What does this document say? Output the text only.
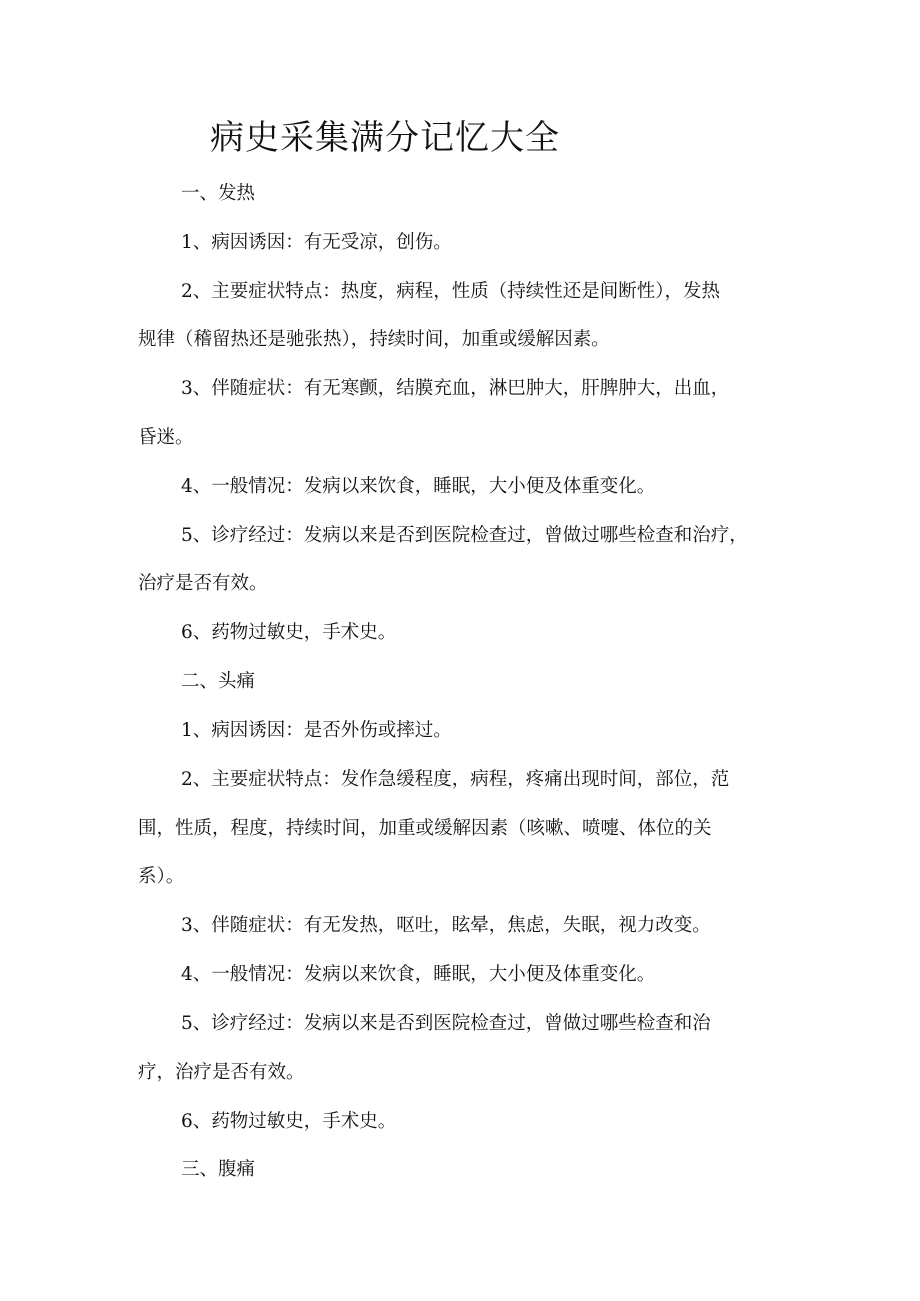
病史采集满分记忆大全

一、发热

1、病因诱因：有无受凉，创伤。

2、主要症状特点：热度，病程，性质（持续性还是间断性），发热

规律（稽留热还是驰张热），持续时间，加重或缓解因素。

3、伴随症状：有无寒颤，结膜充血，淋巴肿大，肝脾肿大，出血，

昏迷。

4、一般情况：发病以来饮食，睡眠，大小便及体重变化。

5、诊疗经过：发病以来是否到医院检查过，曾做过哪些检查和治疗，

治疗是否有效。

6、药物过敏史，手术史。

二、头痛

1、病因诱因：是否外伤或摔过。

2、主要症状特点：发作急缓程度，病程，疼痛出现时间，部位，范

围，性质，程度，持续时间，加重或缓解因素（咳嗽、喷嚏、体位的关

系）。

3、伴随症状：有无发热，呕吐，眩晕，焦虑，失眠，视力改变。

4、一般情况：发病以来饮食，睡眠，大小便及体重变化。

5、诊疗经过：发病以来是否到医院检查过，曾做过哪些检查和治

疗，治疗是否有效。

6、药物过敏史，手术史。

三、腹痛
